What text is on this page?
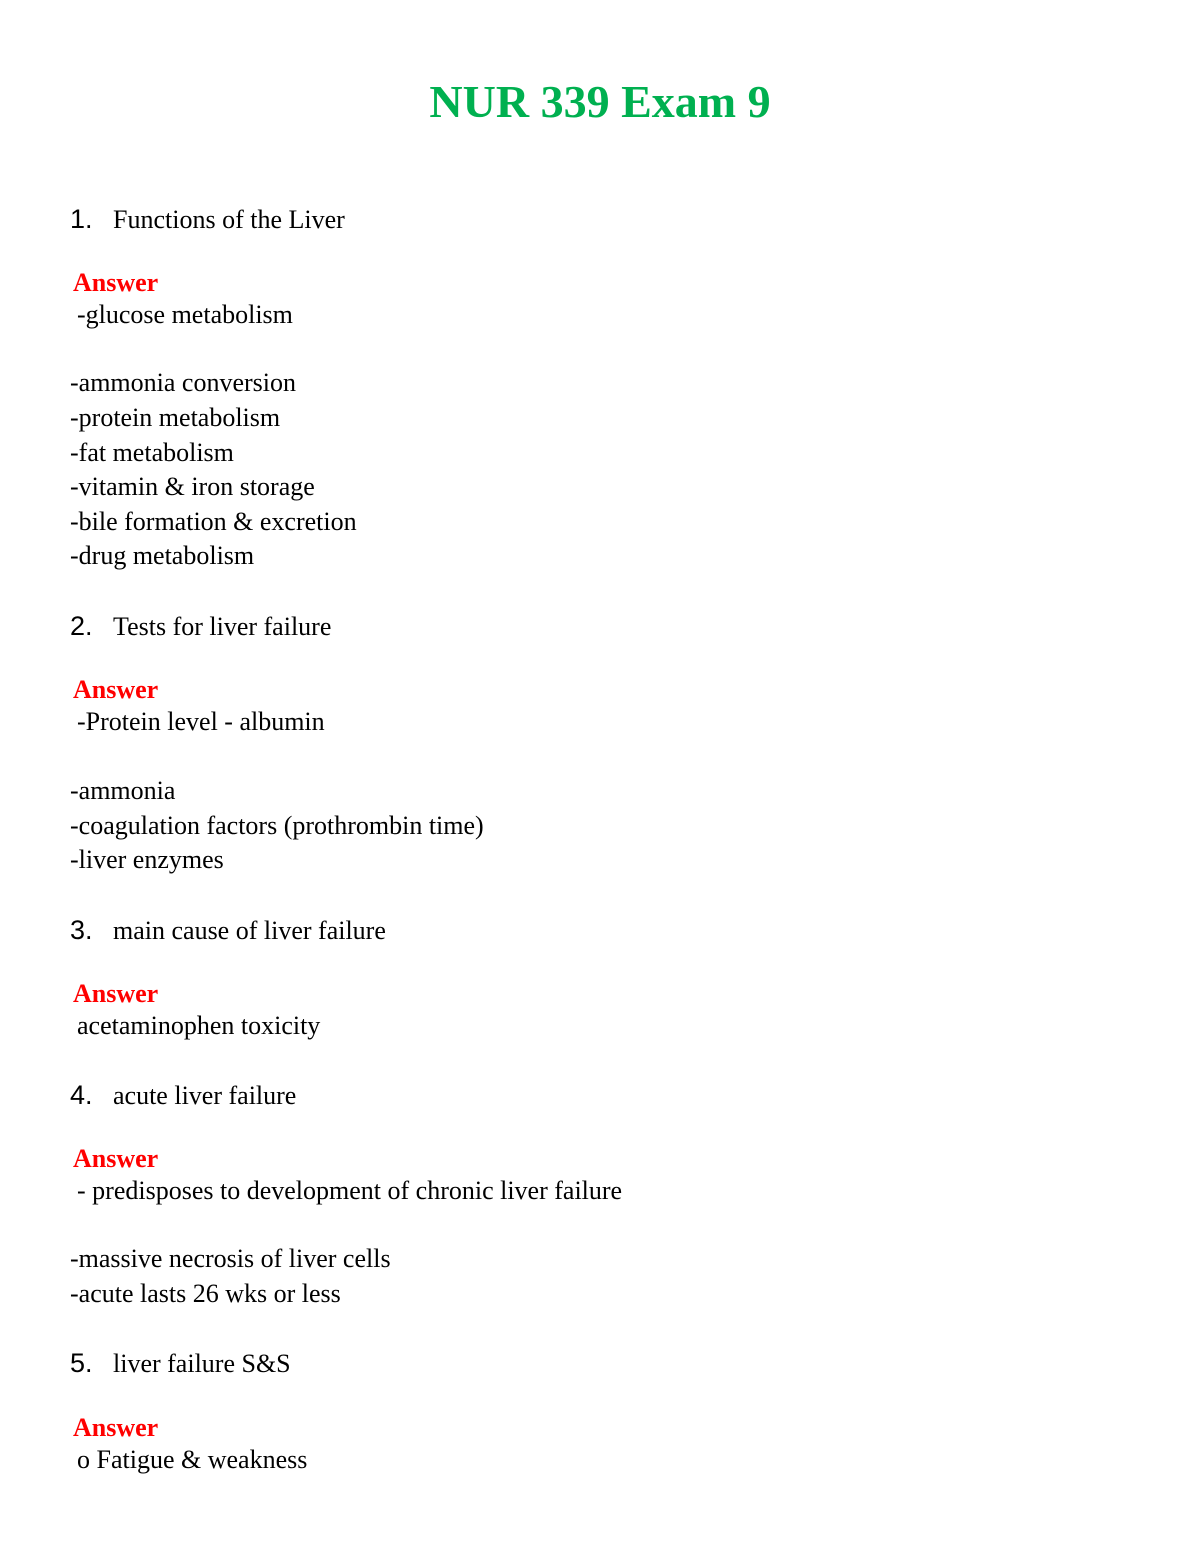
NUR 339 Exam 9
1. Functions of the Liver
Answer
-glucose metabolism
-ammonia conversion
-protein metabolism
-fat metabolism
-vitamin & iron storage
-bile formation & excretion
-drug metabolism
2. Tests for liver failure
Answer
-Protein level - albumin
-ammonia
-coagulation factors (prothrombin time)
-liver enzymes
3. main cause of liver failure
Answer
acetaminophen toxicity
4. acute liver failure
Answer
- predisposes to development of chronic liver failure
-massive necrosis of liver cells
-acute lasts 26 wks or less
5. liver failure S&S
Answer
o Fatigue & weakness
